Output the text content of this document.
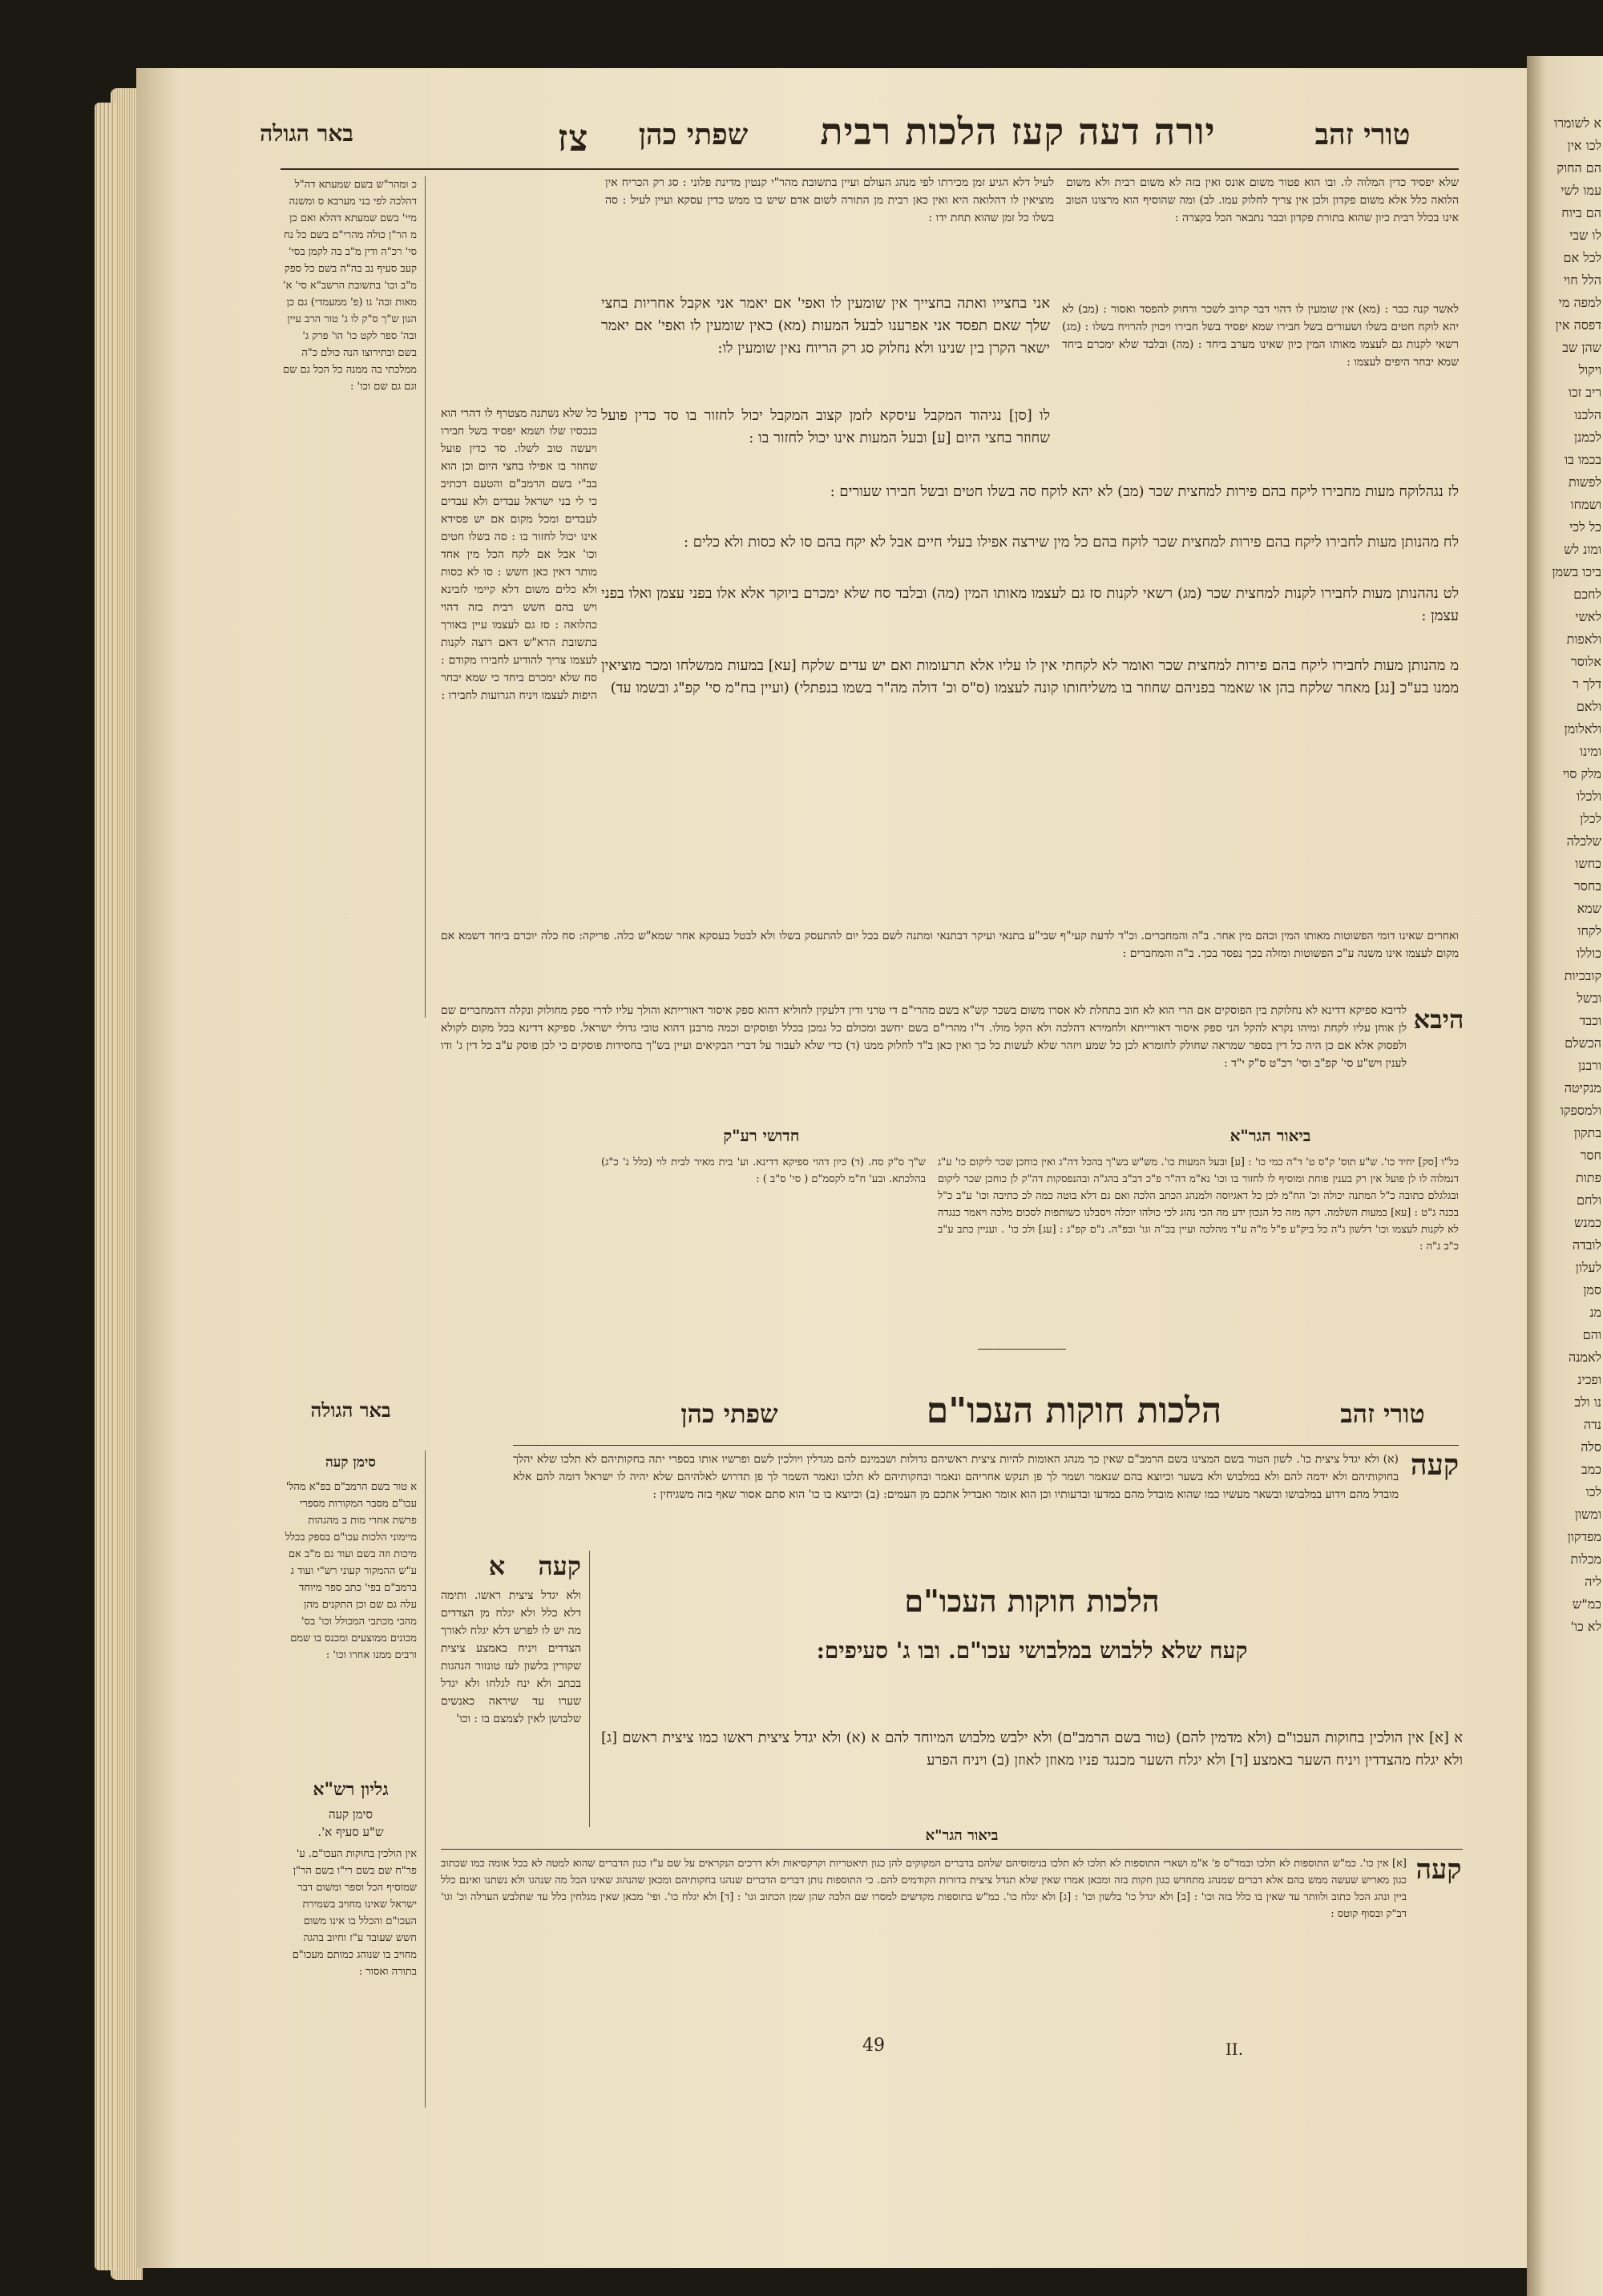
באר הגולה	צז	שפתי כהן	יורה דעה קעז הלכות רבית	טורי זהב
כ ומהר"ש בשם שמעתא דה"ל דהלכה לפי בני מערבא ס ומשנה מיי' בשם שמעתא דהלא ואם כן מ הר"ן כולה מהרי"ם בשם כל נח סי' רכ"ה ודין מ"ב בה לקמן בסי' קעב סעיף נב בה"ה בשם כל ספק מ"ב וכו' בתשובת הרשב"א סי' א' מאות ובה' גו (פ' ממעמדי) גם כן הנון ש"ך ס"ק לו ג' טור הרב עיין ובה' ספר לקט כו' הו' פרק ג' בשם ובתירוצו הנה כולם כ"ה ממלכתי בה ממנה כל הכל גם שם וגם גם שם וכו' :
שלא יפסיד כדין המלוה לו. ובו הוא פטור משום אונס ואין בזה לא משום רבית ולא משום הלואה כלל אלא משום פקדון ולכן אין צריך לחלוק עמו. לב) ומה שהוסיף הוא מרצונו הטוב אינו בכלל רבית כיון שהוא בתורת פקדון וכבר נתבאר הכל בקצרה :
לעיל דלא הגיע זמן מכירתו לפי מנהג העולם ועיין בתשובת מהר"י קנטין מדינת פלוני : סג רק הכריח אין מוציאין לו דהלואה היא ואין כאן רבית מן התורה לשום אדם שיש בו ממש כדין עסקא ועיין לעיל : סה בשלו כל זמן שהוא תחת ידו :
לאשר קנה כבר : (מא) אין שומעין לו דהוי דבר קרוב לשכר ורחוק להפסד ואסור : (מב) לא יהא לוקח חטים בשלו ושעורים בשל חבירו שמא יפסיד בשל חבירו ויכוין להרויח בשלו : (מג) רשאי לקנות גם לעצמו מאותו המין כיון שאינו מערב ביחד : (מה) ובלבד שלא ימכרם ביחד שמא יבחר היפים לעצמו :
אני בחצייו ואתה בחצייך אין שומעין לו ואפי' אם יאמר אני אקבל אחריות בחצי שלך שאם תפסד אני אפרענו לבעל המעות (מא) כאין שומעין לו ואפי' אם יאמר ישאר הקרן בין שנינו ולא נחלוק סג רק הריוח נאין שומעין לו:
לו [סן] נגיהוד המקבל עיסקא לזמן קצוב המקבל יכול לחזור בו סד כדין פועל שחוזר בחצי היום [ע] ובעל המעות אינו יכול לחזור בו :
לז נגהלוקח מעות מחבירו ליקח בהם פירות למחצית שכר (מב) לא יהא לוקח סה בשלו חטים ובשל חבירו שעורים :
לח מהנותן מעות לחבירו ליקח בהם פירות למחצית שכר לוקח בהם כל מין שירצה אפילו בעלי חיים אבל לא יקח בהם סו לא כסות ולא כלים :
כל שלא נשתנה מצטרף לו דהרי הוא כנכסיו שלו ושמא יפסיד בשל חבירו ויעשה טוב לשלו. סד כדין פועל שחוזר בו אפילו בחצי היום וכן הוא בב"י בשם הרמב"ם והטעם דכתיב כי לי בני ישראל עבדים ולא עבדים לעבדים ומכל מקום אם יש פסידא אינו יכול לחזור בו : סה בשלו חטים וכו' אבל אם לקח הכל מין אחד מותר דאין כאן חשש : סו לא כסות ולא כלים משום דלא קיימי לזבינא ויש בהם חשש רבית בזה דהוי כהלואה : סז גם לעצמו עיין באורך בתשובת הרא"ש דאם רוצה לקנות לעצמו צריך להודיע לחבירו מקודם : סח שלא ימכרם ביחד כי שמא יבחר היפות לעצמו ויניח הגרועות לחבירו :
לט נההנותן מעות לחבירו לקנות למחצית שכר (מג) רשאי לקנות סז גם לעצמו מאותו המין (מה) ובלבד סח שלא ימכרם ביוקר אלא אלו בפני עצמן ואלו בפני עצמן :
מ מהנותן מעות לחבירו ליקח בהם פירות למחצית שכר ואומר לא לקחתי אין לו עליו אלא תרעומות ואם יש עדים שלקח [עא] במעות ממשלחו ומכר מוציאין ממנו בע"כ [נג] מאחר שלקח בהן או שאמר בפניהם שחוזר בו משליחותו קונה לעצמו (ס"ס וכ' דולה מה"ר בשמו בנפתלי) (ועיין בח"מ סי' קפ"ג ובשמו עד)
ואחרים שאינו דומי הפשוטות מאותו המין וכהם מין אחר. ב"ה והמחברים. וכ"ד לדעת קעי"ף שבי"ע בתנאי ועיקר דבתנאי ומתנה לשם בכל יום להתעסק בשלו ולא לבטל בעסקא אחר שמא"ש כלה. פריקה: סח כלה יוכרם ביחד דשמא אם מקום לעצמו אינו משנה ע"כ הפשוטות ומזלה בכך נפסד בכך. ב"ה והמחברים :
היבא
לדיבא ספיקא דדינא לא נחלוקת בין הפוסקים אם הרי הוא לא חוב בתחלת לא אסרו משום בשכר קש"א בשם מהרי"ם די טרני ודין דלעקין לחוליא דהוא ספק איסור דאורייתא והולך עליו לדרי ספק מחולוק ונקלה דהמחברים שם לן אוחן עליו לקחת ומיהו נקרא להקל הני ספק איסור דאורייתא ולחמירא דהלכה ולא הקל מולו. ד"ו מהרי"ם בשם יחשב ומכולם כל גמכן בכלל ופוסקים וכמה מרבנן דהוא טובי גדולי ישראל. ספיקא דדינא בכל מקום לקולא ולפסוק אלא אם כן היה כל דין בספר שמראה שחולק לחומרא לכן כל שמע ויזהר שלא לעשות כל כך ואין כאן ב"ד לחלוק ממנו (ד) כדי שלא לעבור על דברי הבקיאים ועיין בש"ך בחסידות פוסקים כי לכן פוסק ע"ב כל דין ג' ודו לענין ויש"ע סי' קפ"ב וסי' רכ"ט ס"ק י"ד :
ביאור הגר"א
חדושי רע"ק
כל"ו [סק] יחיד כו'. ש"ע תוס' ק"ס ט' ד"ה כמי כו' : [ע] ובעל המעות כו'. מש"ש בש"ך בהכל דה"ג ואין כוחכן שכר ליקום כו' ע"ג דנמלוה לו לן פועל אין רק בענין פוחת ומוסיף לו לחזור בו וכו' נא"מ דה"ר פ"כ דב"ב בהג"ה ובהנפסקות דה"ק לן כוחכן שכר ליקום ובגלגלם כתובה כ"ל המתנה יכולה וכ' הח"מ לכן כל דאגיוסה ולמנהג הכתב הלכה ואם גם דלא בוטה כמה לכ כתיבה וכו' ע"ב כ"ל בכנה ג"ט : [עא] במעות השלמה. דקה מזה כל הנכון ידע מה הכי נהוג לכי כולהו יוכלה ויסבלנו כשותפות לסכום מלכה ויאמר כנגדה לא לקנות לעצמו וכו' דלשון ג"ה כל ביק"ע פ"ל מ"ה ע"ד מהלכה ועיין בכ"ה וגו' ובפ"ה. נ"ם קפ"ג : [עג] ולכ כו' . ועניין כתב ע"ב כ"ב ג"ה :
ש"ך ס"ק סח. (ד) כיון דהוי ספיקא דדינא. וע' בית מאיר לבית לוי (כלל ג' כ"ג) בהלכתא. ובע' ח"מ לקסמ"ם ( סי' ס"ב ) :
באר הגולה	שפתי כהן	הלכות חוקות העכו"ם	טורי זהב
קעה
(א) ולא יגדל ציצית כו'. לשון הטור בשם המצינו בשם הרמב"ם שאין כך מנהג האומות להיות ציצית ראשיהם גדולות ושבמינם להם מגדלין ויולכין לשם ופרשיו אותו בספרי יתה בחקותיהם לא תלכו שלא יהלך בחוקותיהם ולא ידמה להם ולא במלבוש ולא בשער וכיוצא בהם שנאמר ושמר לך פן תנקש אחריהם ונאמר ובחקותיהם לא תלכו ונאמר השמר לך פן תדרוש לאלהיהם שלא יהיה לו ישראל דומה להם אלא מובדל מהם וידוע במלבושו ובשאר מעשיו כמו שהוא מובדל מהם במדעו ובדעותיו וכן הוא אומר ואבדיל אתכם מן העמים: (ב) וכיוצא בו כו' הוא סתם אסור שאף בזה משגיחין :
סימן קעה
א טור בשם הרמב"ם בפ"א מהל' עכו"ם מסבר המקורות מספרי פרשת אחרי מות ב מהגהות מיימוני הלכות עכו"ם בספק בכלל מיכות וזה בשם ועוד גם מ"ב אם ע"ש ההמקור קעוני רש"י ועוד ג ברמב"ם בפי' כתב ספר מיוחד עלה גם שם וכן התקנים מהן מהכי מכתבי המכולל וכו' בס' מכונים ממוצעים ומכנס בו שמם ורבים ממנו אחרו וכו' :
גליון רש"א
סימן קעה
ש"ע סעיף א'.
אין הולכין בחוקות העכו"ם. ע' פר"ח שם בשם רי"ו בשם הר"ן שמוסיף הכל וספר ומשום דבר ישראל שאינו מחויב בשמירת העכו"ם והכלל בו אינו משום חשש שעובד ע"ז וחיוב בהגה מחויב בו שנוהג כמותם מעכו"ם בתורה ואסור :
קעה א
ולא יגדל ציצית ראשו. ותימה דלא כלל ולא יגלח מן הצדדים מה יש לו לפרש דלא יגלח לאורך הצדדים ויניח באמצע ציצית שקורין בלשון לעז טונזור הנהגות בכתב ולא ינח לגלחו ולא יגדל שערו עד שיראה כאנשים שלבושן לאין לצמצם בו : וכו'
הלכות חוקות העכו"ם
קעח שלא ללבוש במלבושי עכו"ם. ובו ג' סעיפים:
א [א] אין הולכין בחוקות העכו"ם (ולא מדמין להם) (טור בשם הרמב"ם) ולא ילבש מלבוש המיוחד להם א (א) ולא יגדל ציצית ראשו כמו ציצית ראשם [ג] ולא יגלח מהצדדין ויניח השער באמצע [ד] ולא יגלח השער מכנגד פניו מאוזן לאוזן (ב) ויניח הפרע
ביאור הגר"א
קעה
[א] אין כו'. כמ"ש התוספות לא תלכו ובמד"ס פ' א"מ ושארי התוספות לא תלכו לא תלכו בנימוסיהם שלהם בדברים המקוקים להן כגון תיאטריות וקרקסיאות ולא דרכים הנקראים על שם ע"ז כגון הדברים שהוא למטה לא בכל אומה כמו שכתוב כגון מאריש שעשה ממש בהם אלא דברים שמנהג מתחדש כגון חקות בזה ומכאן אמרו שאין שלא תגדל ציצית בדורות הקודמים להם. כי התוספות נותן דברים הדברים שנהגו בחקותיהם ומכאן שהנהוג שאינו הכל מה שנהגו ולא נשתנו ואינם כלל ביין ונהג הכל כתוב ולוותר עד שאין בו כלל בזה וכו' : [ב] ולא יגדל כו' בלשון וכו' : [ג] ולא יגלח כו'. כמ"ש בתוספות מקדשים למסרו שם הלכה שהן שמן הכתוב וגו' : [ד] ולא יגלח כו'. ופי' מכאן שאין מגלחין כלל עד שתלבש הערלה וכ' וגו' דב"ק ובסוף קוטס :
49	II.
א לשומרו
לכו אין
הם החוק
עמו לשי
הם ביוח
לו שבי
לכל אם
הלל חוי
למפה מי
דפסה אין
שהן שב
ויקול
ריב זכו
הלכנו
לכמנן
בכמו בו
לפשות
ושמחו
כל לכי
ומונ לש
ביכו בשמן
לחכם
לאשי
ולאפות
אלוסר
דלך ר
ולאם
ולאלומן
ומינו
מלק סוי
ולכלו
לכלן
שלכלה
כחשו
בחסר
שמא
לקחו
כוללו
קובכיות
ובשל
וכבד
הכשלם
ורבנן
מנקיטה
ולמספקו
בתקון
חסר
פתות
ולחם
כמנש
לובדה
לעלון
סמן
מנ
והם
לאמנה
ופכינ
נו ולב
נדה
סלה
כמב
לכו
ומשון
מפדקון
מכלות
ליה
כמ"ש
לא כו'
